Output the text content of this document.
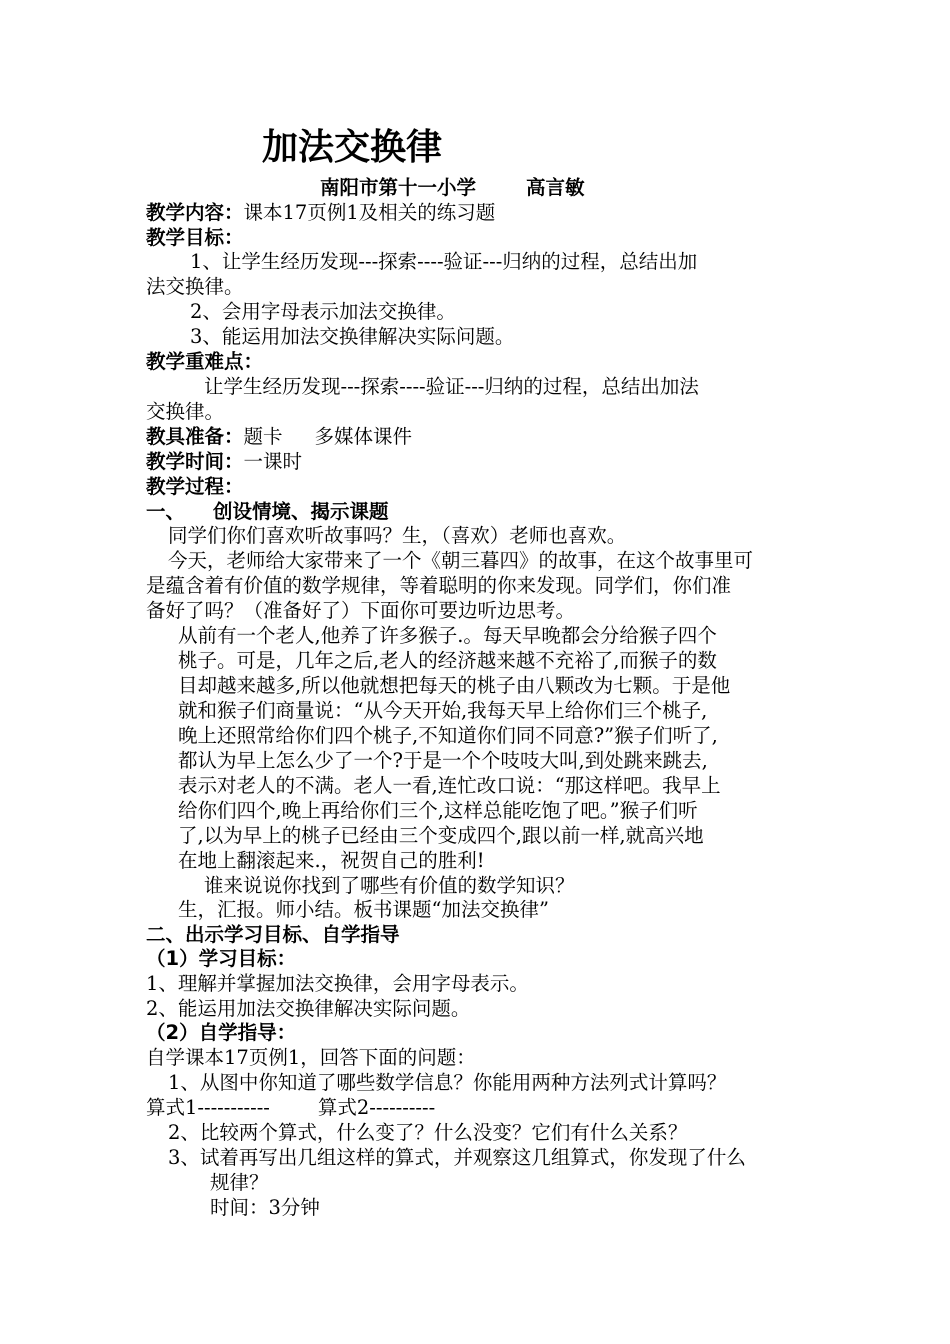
加法交换律
南阳市第十一小学	高言敏
教学内容：课本17页例1及相关的练习题
教学目标：
1、让学生经历发现---探索----验证---归纳的过程，总结出加
法交换律。
2、会用字母表示加法交换律。
3、能运用加法交换律解决实际问题。
教学重难点：
让学生经历发现---探索----验证---归纳的过程，总结出加法
交换律。
教具准备：题卡 多媒体课件
教学时间：一课时
教学过程：
一、 创设情境、揭示课题
同学们你们喜欢听故事吗？生，（喜欢）老师也喜欢。
今天，老师给大家带来了一个《朝三暮四》的故事，在这个故事里可
是蕴含着有价值的数学规律，等着聪明的你来发现。同学们，你们准
备好了吗？（准备好了）下面你可要边听边思考。
从前有一个老人,他养了许多猴子.。每天早晚都会分给猴子四个
桃子。可是，几年之后,老人的经济越来越不充裕了,而猴子的数
目却越来越多,所以他就想把每天的桃子由八颗改为七颗。于是他
就和猴子们商量说：“从今天开始,我每天早上给你们三个桃子,
晚上还照常给你们四个桃子,不知道你们同不同意?”猴子们听了,
都认为早上怎么少了一个?于是一个个吱吱大叫,到处跳来跳去,
表示对老人的不满。老人一看,连忙改口说：“那这样吧。我早上
给你们四个,晚上再给你们三个,这样总能吃饱了吧。”猴子们听
了,以为早上的桃子已经由三个变成四个,跟以前一样,就高兴地
在地上翻滚起来.，祝贺自己的胜利!
谁来说说你找到了哪些有价值的数学知识？
生，汇报。师小结。板书课题“加法交换律”
二、出示学习目标、自学指导
（1）学习目标：
1、理解并掌握加法交换律，会用字母表示。
2、能运用加法交换律解决实际问题。
（2）自学指导：
自学课本17页例1，回答下面的问题：
1、从图中你知道了哪些数学信息？你能用两种方法列式计算吗？
算式1----------- 算式2----------
2、比较两个算式，什么变了？什么没变？它们有什么关系？
3、试着再写出几组这样的算式，并观察这几组算式，你发现了什么
规律？
时间：3分钟
